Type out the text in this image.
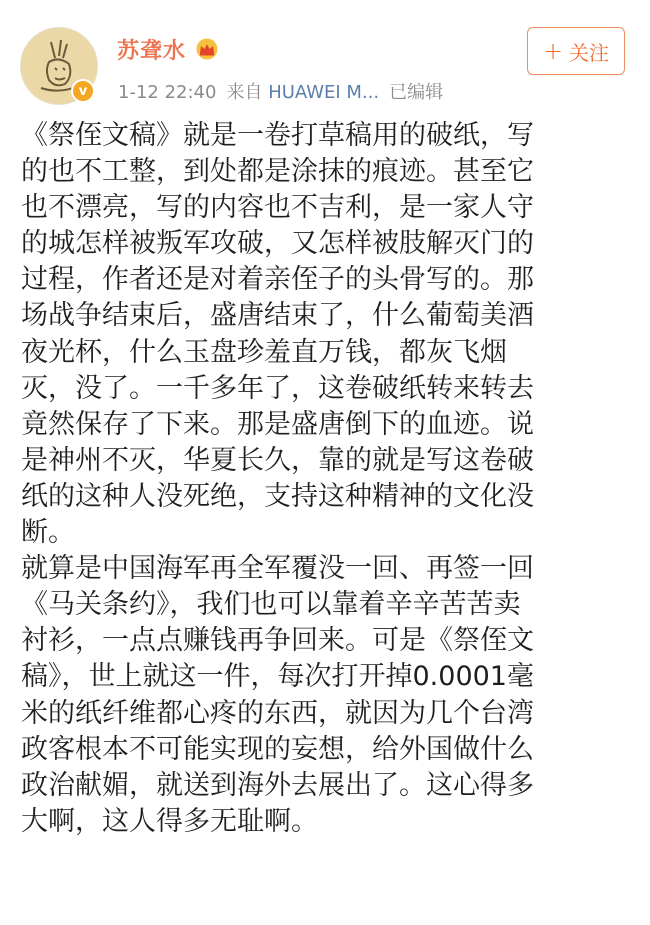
v
苏聋水
1-12 22:40 来自 HUAWEI M... 已编辑
+ 关注
《祭侄文稿》就是一卷打草稿用的破纸，写
的也不工整，到处都是涂抹的痕迹。甚至它
也不漂亮，写的内容也不吉利，是一家人守
的城怎样被叛军攻破，又怎样被肢解灭门的
过程，作者还是对着亲侄子的头骨写的。那
场战争结束后，盛唐结束了，什么葡萄美酒
夜光杯，什么玉盘珍羞直万钱，都灰飞烟
灭，没了。一千多年了，这卷破纸转来转去
竟然保存了下来。那是盛唐倒下的血迹。说
是神州不灭，华夏长久，靠的就是写这卷破
纸的这种人没死绝，支持这种精神的文化没
断。
就算是中国海军再全军覆没一回、再签一回
《马关条约》，我们也可以靠着辛辛苦苦卖
衬衫，一点点赚钱再争回来。可是《祭侄文
稿》，世上就这一件，每次打开掉0.0001毫
米的纸纤维都心疼的东西，就因为几个台湾
政客根本不可能实现的妄想，给外国做什么
政治献媚，就送到海外去展出了。这心得多
大啊，这人得多无耻啊。
